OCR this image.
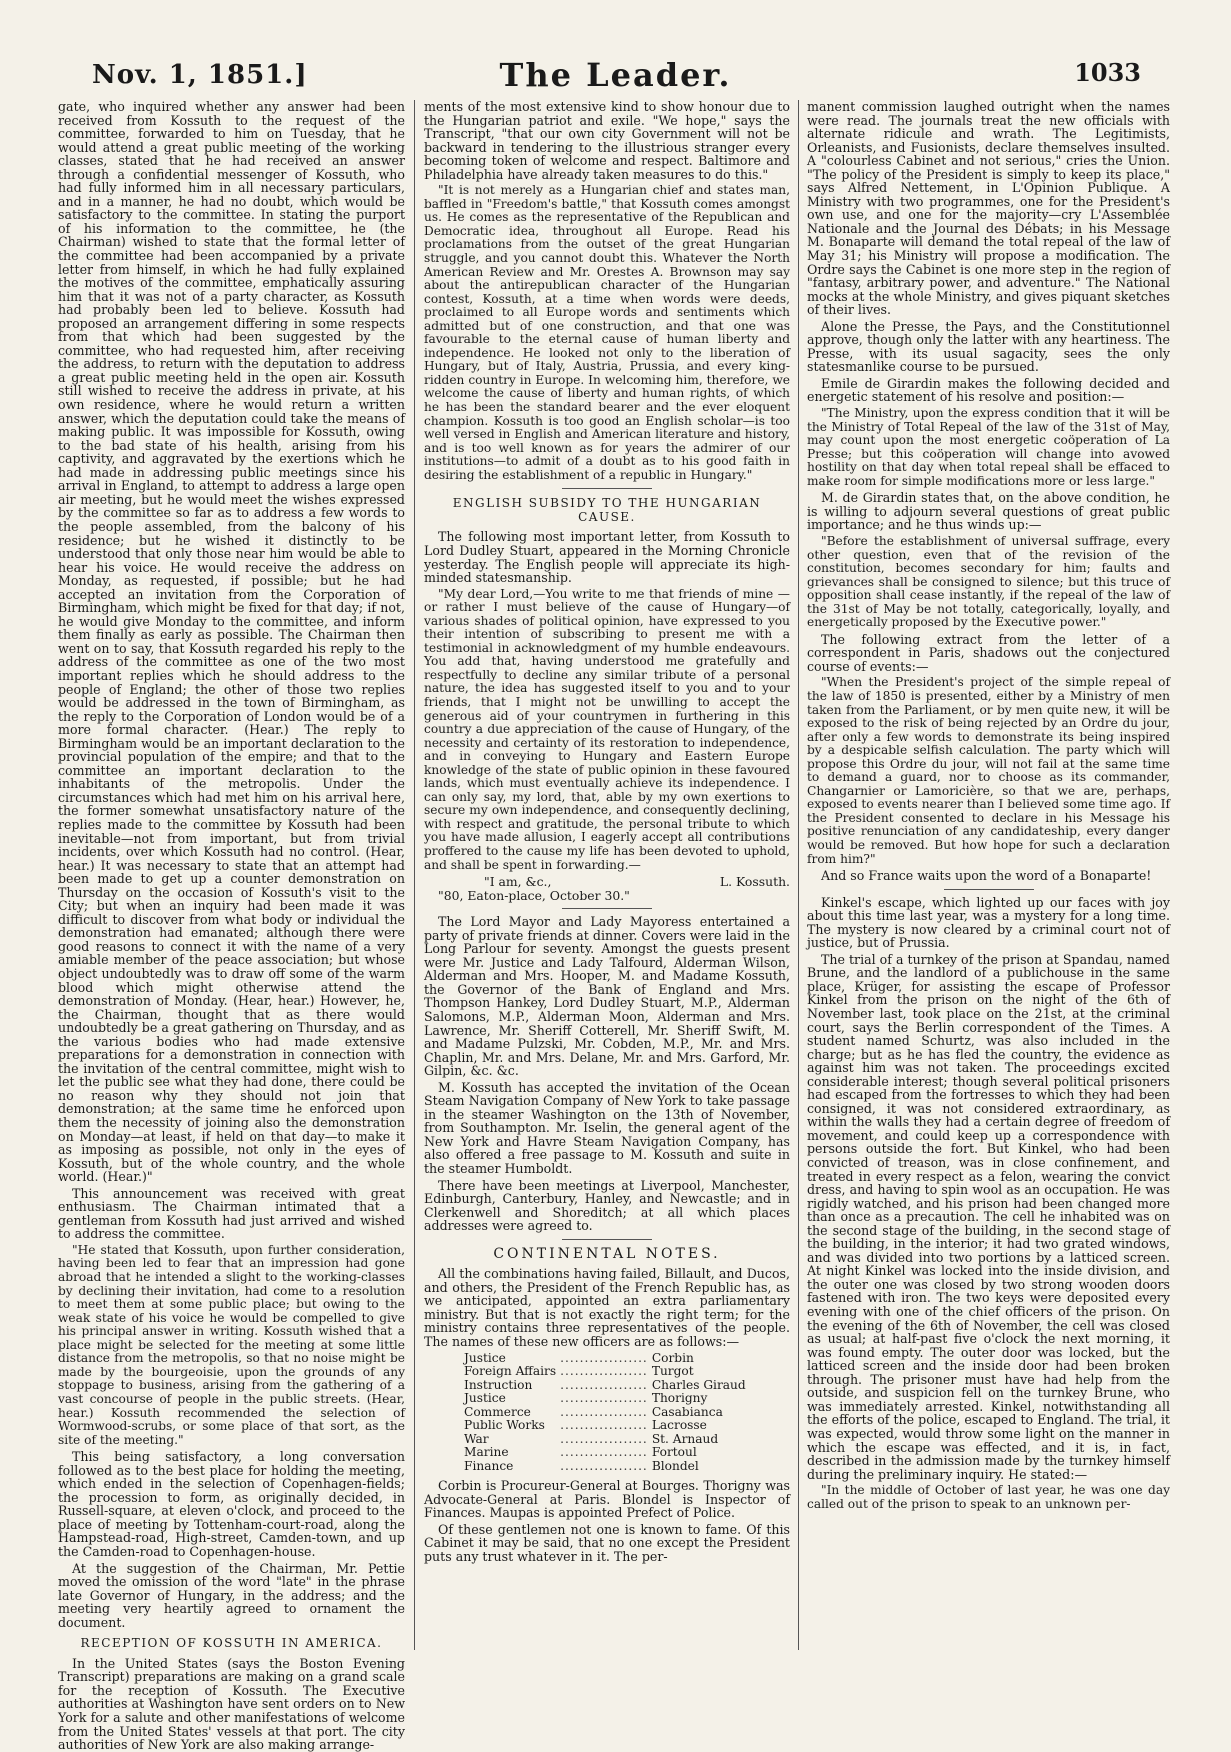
Nov. 1, 1851.]	The Leader.	1033

gate, who inquired whether any answer had been received from Kossuth to the request of the committee, forwarded to him on Tuesday, that he would attend a great public meeting of the working classes, stated that he had received an answer through a confidential messenger of Kossuth, who had fully informed him in all necessary particulars, and in a manner, he had no doubt, which would be satisfactory to the committee. In stating the purport of his information to the committee, he (the Chairman) wished to state that the formal letter of the committee had been accompanied by a private letter from himself, in which he had fully explained the motives of the committee, emphatically assuring him that it was not of a party character, as Kossuth had probably been led to believe. Kossuth had proposed an arrangement differing in some respects from that which had been suggested by the committee, who had requested him, after receiving the address, to return with the deputation to address a great public meeting held in the open air. Kossuth still wished to receive the address in private, at his own residence, where he would return a written answer, which the deputation could take the means of making public. It was impossible for Kossuth, owing to the bad state of his health, arising from his captivity, and aggravated by the exertions which he had made in addressing public meetings since his arrival in England, to attempt to address a large open air meeting, but he would meet the wishes expressed by the committee so far as to address a few words to the people assembled, from the balcony of his residence; but he wished it distinctly to be understood that only those near him would be able to hear his voice. He would receive the address on Monday, as requested, if possible; but he had accepted an invitation from the Corporation of Birmingham, which might be fixed for that day; if not, he would give Monday to the committee, and inform them finally as early as possible. The Chairman then went on to say, that Kossuth regarded his reply to the address of the committee as one of the two most important replies which he should address to the people of England; the other of those two replies would be addressed in the town of Birmingham, as the reply to the Corporation of London would be of a more formal character. (Hear.) The reply to Birmingham would be an important declaration to the provincial population of the empire; and that to the committee an important declaration to the inhabitants of the metropolis. Under the circumstances which had met him on his arrival here, the former somewhat unsatisfactory nature of the replies made to the committee by Kossuth had been inevitable—not from important, but from trivial incidents, over which Kossuth had no control. (Hear, hear.) It was necessary to state that an attempt had been made to get up a counter demonstration on Thursday on the occasion of Kossuth's visit to the City; but when an inquiry had been made it was difficult to discover from what body or individual the demonstration had emanated; although there were good reasons to connect it with the name of a very amiable member of the peace association; but whose object undoubtedly was to draw off some of the warm blood which might otherwise attend the demonstration of Monday. (Hear, hear.) However, he, the Chairman, thought that as there would undoubtedly be a great gathering on Thursday, and as the various bodies who had made extensive preparations for a demonstration in connection with the invitation of the central committee, might wish to let the public see what they had done, there could be no reason why they should not join that demonstration; at the same time he enforced upon them the necessity of joining also the demonstration on Monday—at least, if held on that day—to make it as imposing as possible, not only in the eyes of Kossuth, but of the whole country, and the whole world. (Hear.)"

This announcement was received with great enthusiasm. The Chairman intimated that a gentleman from Kossuth had just arrived and wished to address the committee.

"He stated that Kossuth, upon further consideration, having been led to fear that an impression had gone abroad that he intended a slight to the working-classes by declining their invitation, had come to a resolution to meet them at some public place; but owing to the weak state of his voice he would be compelled to give his principal answer in writing. Kossuth wished that a place might be selected for the meeting at some little distance from the metropolis, so that no noise might be made by the bourgeoisie, upon the grounds of any stoppage to business, arising from the gathering of a vast concourse of people in the public streets. (Hear, hear.) Kossuth recommended the selection of Wormwood-scrubs, or some place of that sort, as the site of the meeting."

This being satisfactory, a long conversation followed as to the best place for holding the meeting, which ended in the selection of Copenhagen-fields; the procession to form, as originally decided, in Russell-square, at eleven o'clock, and proceed to the place of meeting by Tottenham-court-road, along the Hampstead-road, High-street, Camden-town, and up the Camden-road to Copenhagen-house.

At the suggestion of the Chairman, Mr. Pettie moved the omission of the word "late" in the phrase late Governor of Hungary, in the address; and the meeting very heartily agreed to ornament the document.

RECEPTION OF KOSSUTH IN AMERICA.

In the United States (says the Boston Evening Transcript) preparations are making on a grand scale for the reception of Kossuth. The Executive authorities at Washington have sent orders on to New York for a salute and other manifestations of welcome from the United States' vessels at that port. The city authorities of New York are also making arrange-

ments of the most extensive kind to show honour due to the Hungarian patriot and exile. "We hope," says the Transcript, "that our own city Government will not be backward in tendering to the illustrious stranger every becoming token of welcome and respect. Baltimore and Philadelphia have already taken measures to do this."

"It is not merely as a Hungarian chief and states man, baffled in "Freedom's battle," that Kossuth comes amongst us. He comes as the representative of the Republican and Democratic idea, throughout all Europe. Read his proclamations from the outset of the great Hungarian struggle, and you cannot doubt this. Whatever the North American Review and Mr. Orestes A. Brownson may say about the antirepublican character of the Hungarian contest, Kossuth, at a time when words were deeds, proclaimed to all Europe words and sentiments which admitted but of one construction, and that one was favourable to the eternal cause of human liberty and independence. He looked not only to the liberation of Hungary, but of Italy, Austria, Prussia, and every king-ridden country in Europe. In welcoming him, therefore, we welcome the cause of liberty and human rights, of which he has been the standard bearer and the ever eloquent champion. Kossuth is too good an English scholar—is too well versed in English and American literature and history, and is too well known as for years the admirer of our institutions—to admit of a doubt as to his good faith in desiring the establishment of a republic in Hungary."

ENGLISH SUBSIDY TO THE HUNGARIAN CAUSE.

The following most important letter, from Kossuth to Lord Dudley Stuart, appeared in the Morning Chronicle yesterday. The English people will appreciate its high-minded statesmanship.

"My dear Lord,—You write to me that friends of mine —or rather I must believe of the cause of Hungary—of various shades of political opinion, have expressed to you their intention of subscribing to present me with a testimonial in acknowledgment of my humble endeavours. You add that, having understood me gratefully and respectfully to decline any similar tribute of a personal nature, the idea has suggested itself to you and to your friends, that I might not be unwilling to accept the generous aid of your countrymen in furthering in this country a due appreciation of the cause of Hungary, of the necessity and certainty of its restoration to independence, and in conveying to Hungary and Eastern Europe knowledge of the state of public opinion in these favoured lands, which must eventually achieve its independence. I can only say, my lord, that, able by my own exertions to secure my own independence, and consequently declining, with respect and gratitude, the personal tribute to which you have made allusion, I eagerly accept all contributions proffered to the cause my life has been devoted to uphold, and shall be spent in forwarding.—

"I am, &c.,	L. Kossuth.
"80, Eaton-place, October 30."

The Lord Mayor and Lady Mayoress entertained a party of private friends at dinner. Covers were laid in the Long Parlour for seventy. Amongst the guests present were Mr. Justice and Lady Talfourd, Alderman Wilson, Alderman and Mrs. Hooper, M. and Madame Kossuth, the Governor of the Bank of England and Mrs. Thompson Hankey, Lord Dudley Stuart, M.P., Alderman Salomons, M.P., Alderman Moon, Alderman and Mrs. Lawrence, Mr. Sheriff Cotterell, Mr. Sheriff Swift, M. and Madame Pulzski, Mr. Cobden, M.P., Mr. and Mrs. Chaplin, Mr. and Mrs. Delane, Mr. and Mrs. Garford, Mr. Gilpin, &c. &c.

M. Kossuth has accepted the invitation of the Ocean Steam Navigation Company of New York to take passage in the steamer Washington on the 13th of November, from Southampton. Mr. Iselin, the general agent of the New York and Havre Steam Navigation Company, has also offered a free passage to M. Kossuth and suite in the steamer Humboldt.

There have been meetings at Liverpool, Manchester, Edinburgh, Canterbury, Hanley, and Newcastle; and in Clerkenwell and Shoreditch; at all which places addresses were agreed to.

CONTINENTAL NOTES.

All the combinations having failed, Billault, and Ducos, and others, the President of the French Republic has, as we anticipated, appointed an extra parliamentary ministry. But that is not exactly the right term; for the ministry contains three representatives of the people. The names of these new officers are as follows:—

Justice	..................	Corbin
Foreign Affairs	..................	Turgot
Instruction	..................	Charles Giraud
Justice	..................	Thorigny
Commerce	..................	Casabianca
Public Works	..................	Lacrosse
War	..................	St. Arnaud
Marine	..................	Fortoul
Finance	..................	Blondel

Corbin is Procureur-General at Bourges. Thorigny was Advocate-General at Paris. Blondel is Inspector of Finances. Maupas is appointed Prefect of Police.

Of these gentlemen not one is known to fame. Of this Cabinet it may be said, that no one except the President puts any trust whatever in it. The per-

manent commission laughed outright when the names were read. The journals treat the new officials with alternate ridicule and wrath. The Legitimists, Orleanists, and Fusionists, declare themselves insulted. A "colourless Cabinet and not serious," cries the Union. "The policy of the President is simply to keep its place," says Alfred Nettement, in L'Opinion Publique. A Ministry with two programmes, one for the President's own use, and one for the majority—cry L'Assemblée Nationale and the Journal des Débats; in his Message M. Bonaparte will demand the total repeal of the law of May 31; his Ministry will propose a modification. The Ordre says the Cabinet is one more step in the region of "fantasy, arbitrary power, and adventure." The National mocks at the whole Ministry, and gives piquant sketches of their lives.

Alone the Presse, the Pays, and the Constitutionnel approve, though only the latter with any heartiness. The Presse, with its usual sagacity, sees the only statesmanlike course to be pursued.

Emile de Girardin makes the following decided and energetic statement of his resolve and position:—

"The Ministry, upon the express condition that it will be the Ministry of Total Repeal of the law of the 31st of May, may count upon the most energetic coöperation of La Presse; but this coöperation will change into avowed hostility on that day when total repeal shall be effaced to make room for simple modifications more or less large."

M. de Girardin states that, on the above condition, he is willing to adjourn several questions of great public importance; and he thus winds up:—

"Before the establishment of universal suffrage, every other question, even that of the revision of the constitution, becomes secondary for him; faults and grievances shall be consigned to silence; but this truce of opposition shall cease instantly, if the repeal of the law of the 31st of May be not totally, categorically, loyally, and energetically proposed by the Executive power."

The following extract from the letter of a correspondent in Paris, shadows out the conjectured course of events:—

"When the President's project of the simple repeal of the law of 1850 is presented, either by a Ministry of men taken from the Parliament, or by men quite new, it will be exposed to the risk of being rejected by an Ordre du jour, after only a few words to demonstrate its being inspired by a despicable selfish calculation. The party which will propose this Ordre du jour, will not fail at the same time to demand a guard, nor to choose as its commander, Changarnier or Lamoricière, so that we are, perhaps, exposed to events nearer than I believed some time ago. If the President consented to declare in his Message his positive renunciation of any candidateship, every danger would be removed. But how hope for such a declaration from him?"

And so France waits upon the word of a Bonaparte!

Kinkel's escape, which lighted up our faces with joy about this time last year, was a mystery for a long time. The mystery is now cleared by a criminal court not of justice, but of Prussia.

The trial of a turnkey of the prison at Spandau, named Brune, and the landlord of a publichouse in the same place, Krüger, for assisting the escape of Professor Kinkel from the prison on the night of the 6th of November last, took place on the 21st, at the criminal court, says the Berlin correspondent of the Times. A student named Schurtz, was also included in the charge; but as he has fled the country, the evidence as against him was not taken. The proceedings excited considerable interest; though several political prisoners had escaped from the fortresses to which they had been consigned, it was not considered extraordinary, as within the walls they had a certain degree of freedom of movement, and could keep up a correspondence with persons outside the fort. But Kinkel, who had been convicted of treason, was in close confinement, and treated in every respect as a felon, wearing the convict dress, and having to spin wool as an occupation. He was rigidly watched, and his prison had been changed more than once as a precaution. The cell he inhabited was on the second stage of the building, in the second stage of the building, in the interior; it had two grated windows, and was divided into two portions by a latticed screen. At night Kinkel was locked into the inside division, and the outer one was closed by two strong wooden doors fastened with iron. The two keys were deposited every evening with one of the chief officers of the prison. On the evening of the 6th of November, the cell was closed as usual; at half-past five o'clock the next morning, it was found empty. The outer door was locked, but the latticed screen and the inside door had been broken through. The prisoner must have had help from the outside, and suspicion fell on the turnkey Brune, who was immediately arrested. Kinkel, notwithstanding all the efforts of the police, escaped to England. The trial, it was expected, would throw some light on the manner in which the escape was effected, and it is, in fact, described in the admission made by the turnkey himself during the preliminary inquiry. He stated:—

"In the middle of October of last year, he was one day called out of the prison to speak to an unknown per-
